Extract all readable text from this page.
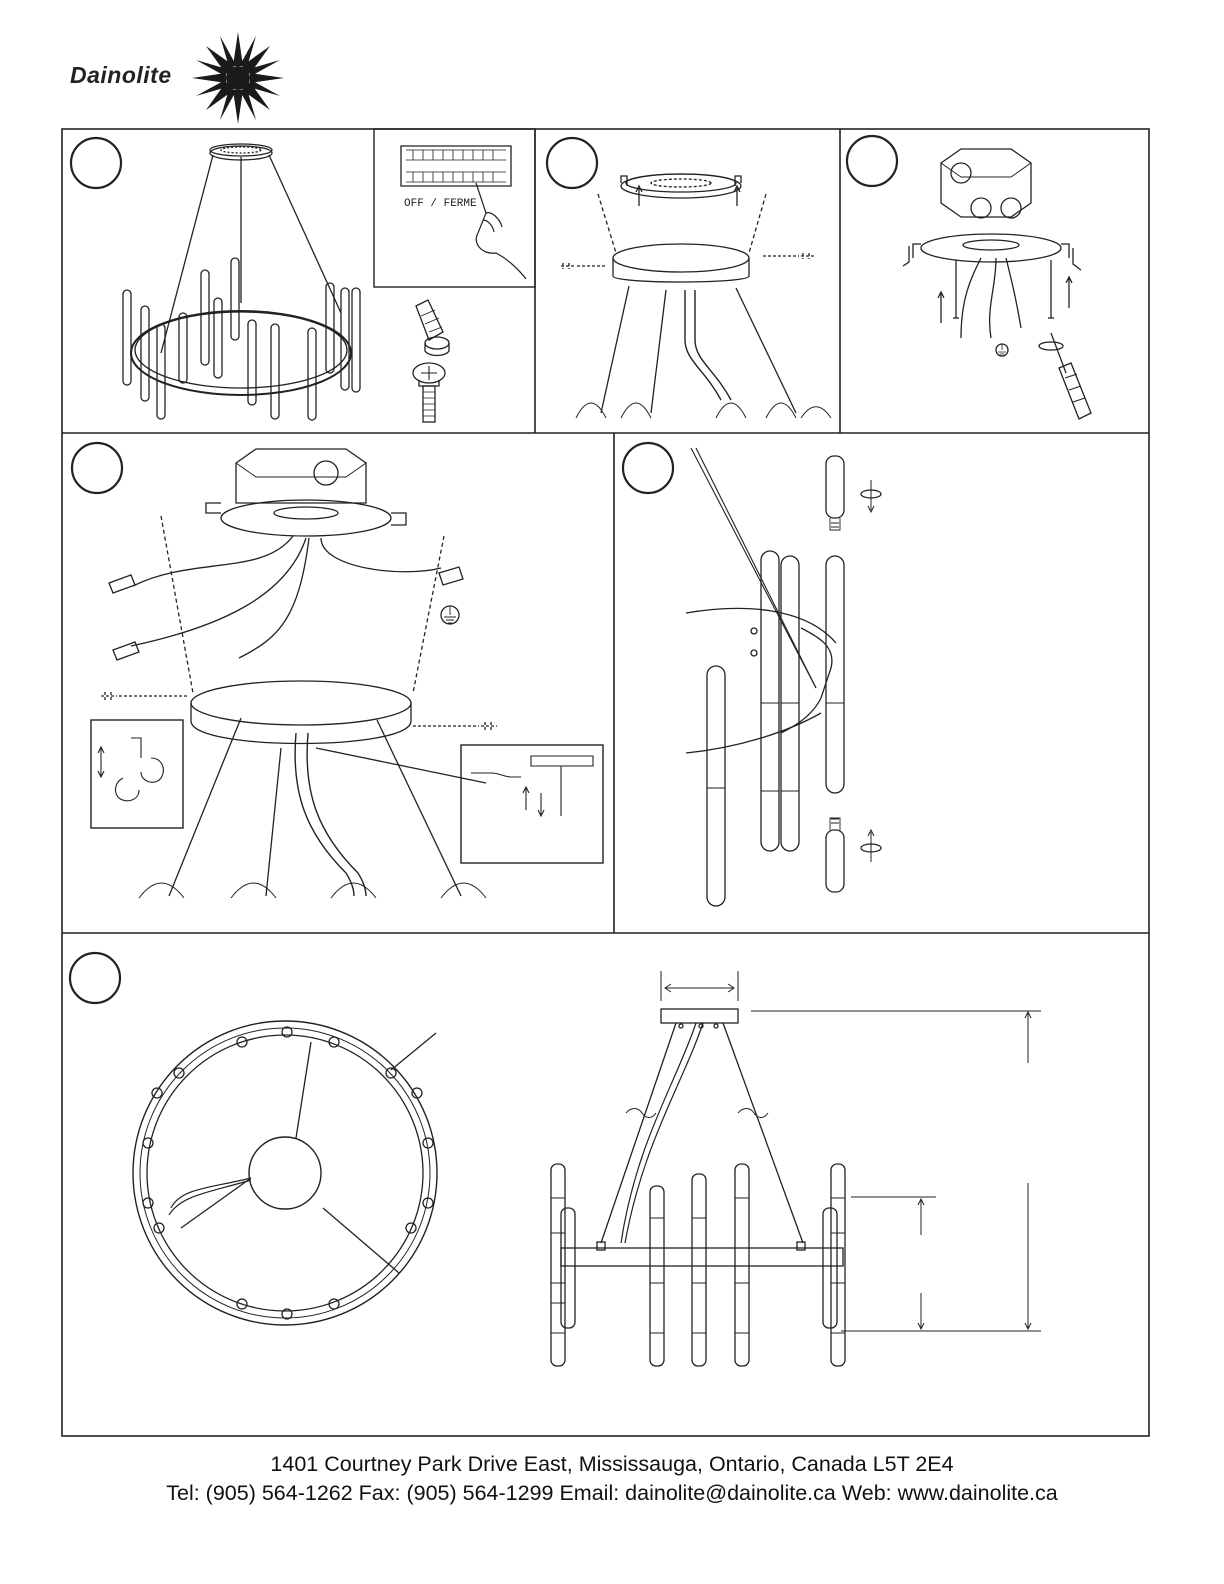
Dainolite
OFF / FERME
1401 Courtney Park Drive East, Mississauga, Ontario, Canada L5T 2E4
Tel: (905) 564-1262 Fax: (905) 564-1299 Email: dainolite@dainolite.ca Web: www.dainolite.ca
